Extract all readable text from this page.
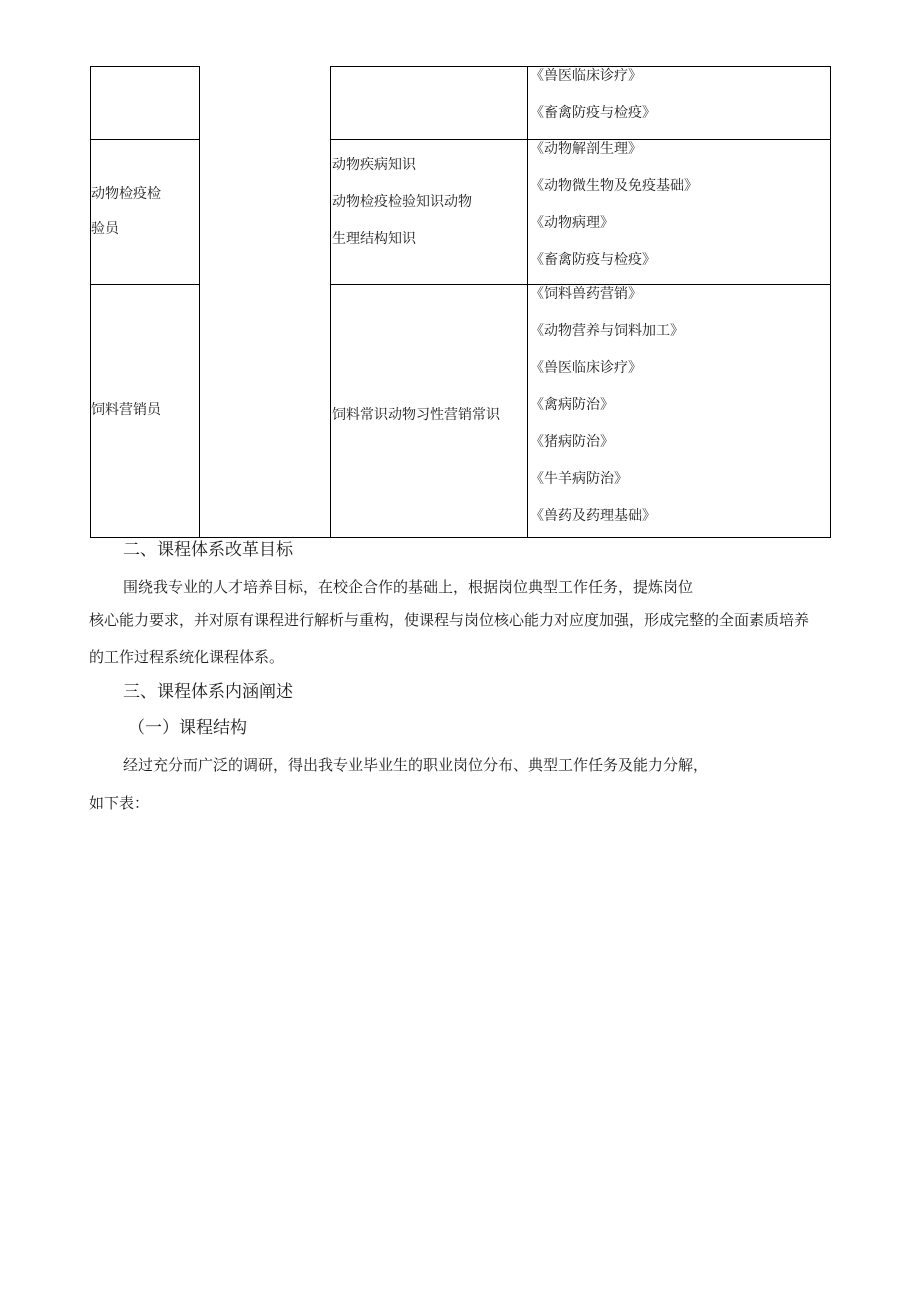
《兽医临床诊疗》
《畜禽防疫与检疫》
动物检疫检
验员
动物疾病知识
动物检疫检验知识动物
生理结构知识
《动物解剖生理》
《动物微生物及免疫基础》
《动物病理》
《畜禽防疫与检疫》
饲料营销员	饲料常识动物习性营销常识
《饲料兽药营销》
《动物营养与饲料加工》
《兽医临床诊疗》
《禽病防治》
《猪病防治》
《牛羊病防治》
《兽药及药理基础》
二、课程体系改革目标
围绕我专业的人才培养目标，在校企合作的基础上，根据岗位典型工作任务，提炼岗位
核心能力要求，并对原有课程进行解析与重构，使课程与岗位核心能力对应度加强，形成完整的全面素质培养
的工作过程系统化课程体系。
三、课程体系内涵阐述
（一）课程结构
经过充分而广泛的调研，得出我专业毕业生的职业岗位分布、典型工作任务及能力分解，
如下表：
